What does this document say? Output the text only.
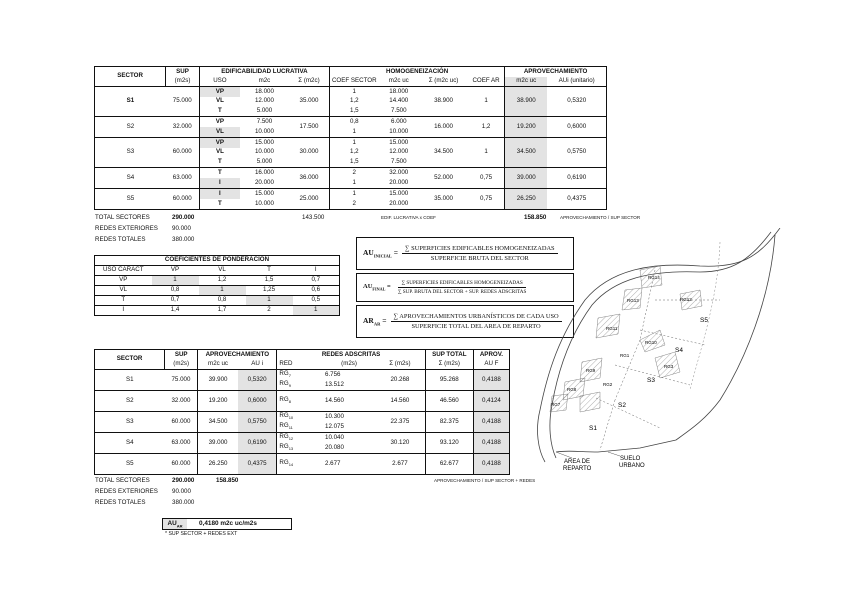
SECTOR	SUP	EDIFICABILIDAD LUCRATIVA			HOMOGENEIZACIÓN				APROVECHAMIENTO	
	(m2s)	USO	m2c	Σ (m2c)	COEF SECTOR	m2c uc	Σ (m2c uc)	COEF AR	m2c uc	AUi (unitario)
S1	75.000	VP	18.000	35.000	1	18.000	38.900	1	38.900	0,5320
		VL	12.000		1,2	14.400				
		T	5.000		1,5	7.500				
S2	32.000	VP	7.500	17.500	0,8	6.000	16.000	1,2	19.200	0,6000
		VL	10.000		1	10.000				
S3	60.000	VP	15.000	30.000	1	15.000	34.500	1	34.500	0,5750
		VL	10.000		1,2	12.000				
		T	5.000		1,5	7.500				
S4	63.000	T	16.000	36.000	2	32.000	52.000	0,75	39.000	0,6190
		I	20.000		1	20.000				
S5	60.000	I	15.000	25.000	1	15.000	35.000	0,75	26.250	0,4375
		T	10.000		2	20.000				
TOTAL SECTORES	290.000	143.500	EDIF. LUCRATIVA x COEF	158.850	APROVECHAMIENTO / SUP SECTOR
REDES EXTERIORES 90.000
REDES TOTALES	380.000
COEFICIENTES DE PONDERACIÓN				
USO CARACT	VP	VL	T	I
VP	1	1,2	1,5	0,7
VL	0,8	1	1,25	0,6
T	0,7	0,8	1	0,5
I	1,4	1,7	2	1
$AU_{INICIAL} = \frac{\text{∑ SUPERFICIES EDIFICABLES HOMOGENEIZADAS}}{\text{SUPERFICIE BRUTA DEL SECTOR}}$
$AU_{FINAL} = \frac{\text{∑ SUPERFICIES EDIFICABLES HOMOGENEIZADAS}}{\text{∑ SUP. BRUTA DEL SECTOR + SUP. REDES ADSCRITAS}}$
$AR_{AR} = \frac{\text{∑ APROVECHAMIENTOS URBANÍSTICOS DE CADA USO}}{\text{SUPERFICIE TOTAL DEL AREA DE REPARTO}}$
SECTOR	SUP	APROVECHAMIENTO		REDES ADSCRITAS			SUP TOTAL	APROV.
	(m2s)	m2c uc	AU i	RED	(m2s)	Σ (m2s)	Σ (m2s)	AU F
S1	75.000	39.900	0,5320	$RG_7$	6.756	20.268	95.268	0,4188
				$RG_9$	13.512			
S2	32.000	19.200	0,6000	$RG_8$	14.560	14.560	46.560	0,4124
S3	60.000	34.500	0,5750	$RG_{10}$	10.300	22.375	82.375	0,4188
				$RG_{11}$	12.075			
S4	63.000	39.000	0,6190	$RG_{12}$	10.040	30.120	93.120	0,4188
				$RG_{13}$	20.080			
S5	60.000	26.250	0,4375	$RG_{14}$	2.677	2.677	62.677	0,4188
TOTAL SECTORES	290.000	158.850	APROVECHAMIENTO / SUP SECTOR + REDES
REDES EXTERIORES 90.000
REDES TOTALES	380.000
$AU_{AR}$	0,4180 m2c uc/m2s
* SUP SECTOR + REDES EXT
RG14
RG13	RG12
RG11
RG10
RG9
RG8
RG7
RG3
RG2
RG1
S1
S2
S3
S4
S5
AREA DE
REPARTO
SUELO
URBANO
